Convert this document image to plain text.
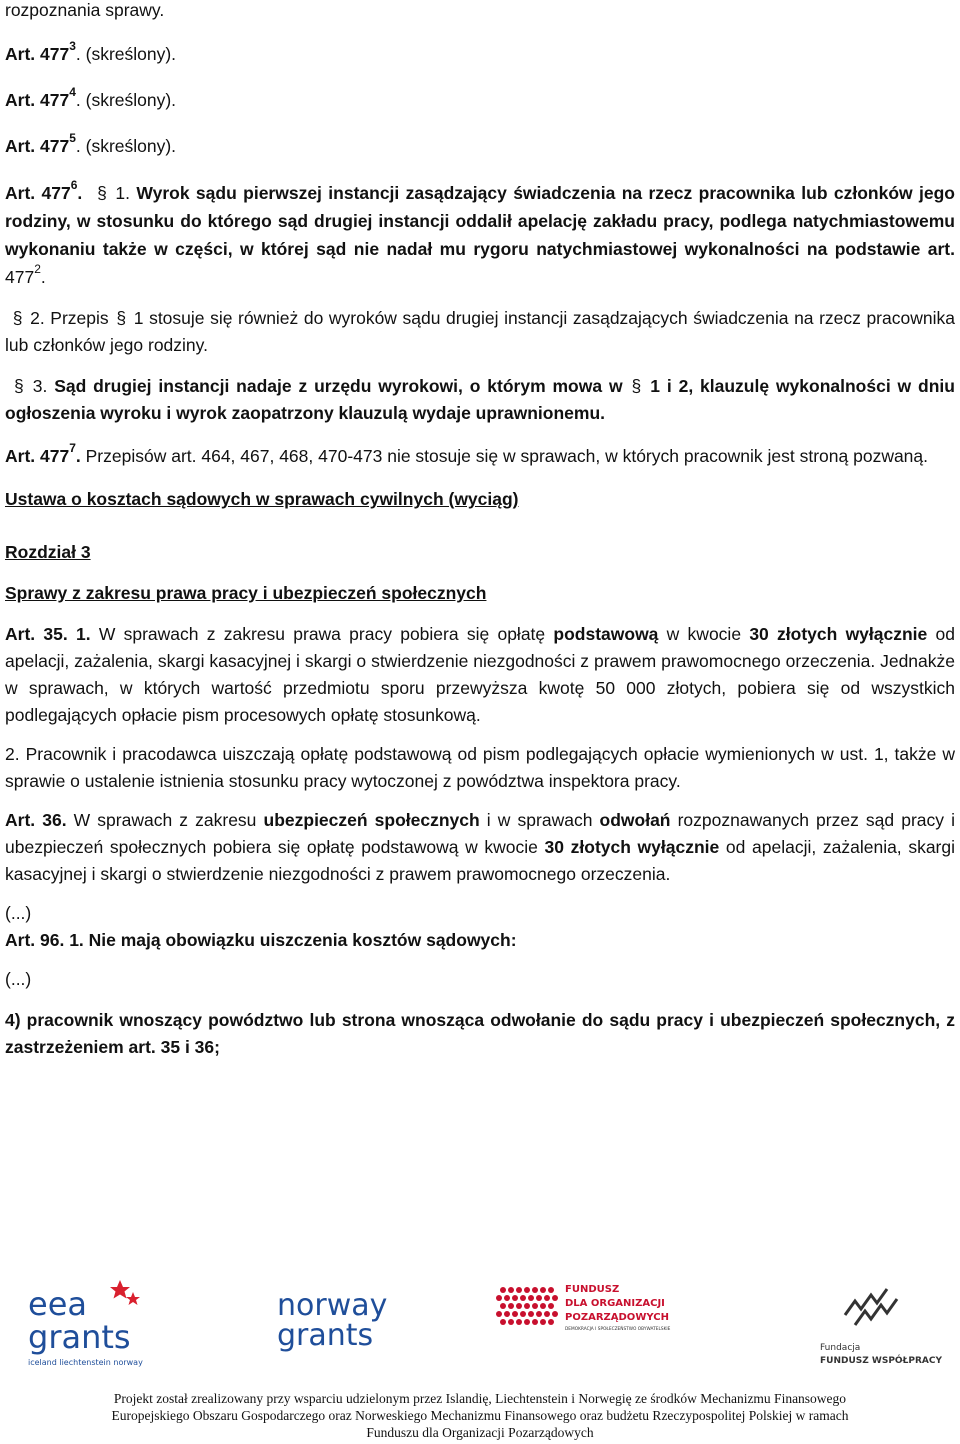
rozpoznania sprawy.

Art. $477^3$. (skreślony).

Art. $477^4$. (skreślony).

Art. $477^5$. (skreślony).

Art. $477^6$. § 1. Wyrok sądu pierwszej instancji zasądzający świadczenia na rzecz pracownika lub członków jego rodziny, w stosunku do którego sąd drugiej instancji oddalił apelację zakładu pracy, podlega natychmiastowemu wykonaniu także w części, w której sąd nie nadał mu rygoru natychmiastowej wykonalności na podstawie art. $477^2$.

§ 2. Przepis § 1 stosuje się również do wyroków sądu drugiej instancji zasądzających świadczenia na rzecz pracownika lub członków jego rodziny.

§ 3. Sąd drugiej instancji nadaje z urzędu wyrokowi, o którym mowa w § 1 i 2, klauzulę wykonalności w dniu ogłoszenia wyroku i wyrok zaopatrzony klauzulą wydaje uprawnionemu.

Art. $477^7$. Przepisów art. 464, 467, 468, 470-473 nie stosuje się w sprawach, w których pracownik jest stroną pozwaną.

Ustawa o kosztach sądowych w sprawach cywilnych (wyciąg)

Rozdział 3

Sprawy z zakresu prawa pracy i ubezpieczeń społecznych

Art. 35. 1. W sprawach z zakresu prawa pracy pobiera się opłatę podstawową w kwocie 30 złotych wyłącznie od apelacji, zażalenia, skargi kasacyjnej i skargi o stwierdzenie niezgodności z prawem prawomocnego orzeczenia. Jednakże w sprawach, w których wartość przedmiotu sporu przewyższa kwotę 50 000 złotych, pobiera się od wszystkich podlegających opłacie pism procesowych opłatę stosunkową.

2. Pracownik i pracodawca uiszczają opłatę podstawową od pism podlegających opłacie wymienionych w ust. 1, także w sprawie o ustalenie istnienia stosunku pracy wytoczonej z powództwa inspektora pracy.

Art. 36. W sprawach z zakresu ubezpieczeń społecznych i w sprawach odwołań rozpoznawanych przez sąd pracy i ubezpieczeń społecznych pobiera się opłatę podstawową w kwocie 30 złotych wyłącznie od apelacji, zażalenia, skargi kasacyjnej i skargi o stwierdzenie niezgodności z prawem prawomocnego orzeczenia.

(...)

Art. 96. 1. Nie mają obowiązku uiszczenia kosztów sądowych:

(...)

4) pracownik wnoszący powództwo lub strona wnosząca odwołanie do sądu pracy i ubezpieczeń społecznych, z zastrzeżeniem art. 35 i 36;

eea
grants
iceland liechtenstein norway
norway
grants
FUNDUSZ
DLA ORGANIZACJI
POZARZĄDOWYCH
DEMOKRACJA I SPOŁECZEŃSTWO OBYWATELSKIE
Fundacja
FUNDUSZ WSPÓŁPRACY
Projekt został zrealizowany przy wsparciu udzielonym przez Islandię, Liechtenstein i Norwegię ze środków Mechanizmu Finansowego
Europejskiego Obszaru Gospodarczego oraz Norweskiego Mechanizmu Finansowego oraz budżetu Rzeczypospolitej Polskiej w ramach
Funduszu dla Organizacji Pozarządowych
